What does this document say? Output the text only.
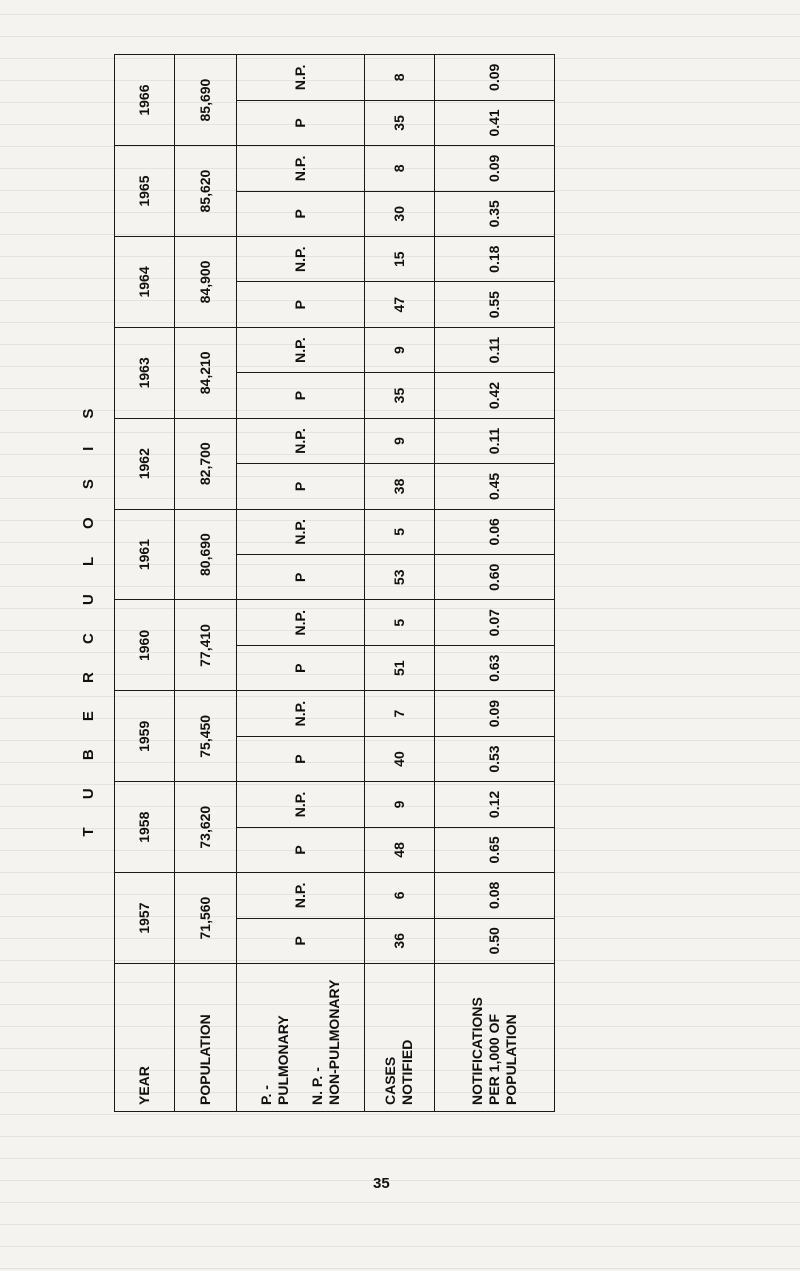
T U B E R C U L O S I S																				
YEAR	1957		1958		1959		1960		1961		1962		1963		1964		1965		1966	
POPULATION	71,560		73,620		75,450		77,410		80,690		82,700		84,210		84,900		85,620		85,690	

P. - PULMONARY
N. P. - NON-PULMONARY	P	N.P.	P	N.P.	P	N.P.	P	N.P.	P	N.P.	P	N.P.	P	N.P.	P	N.P.	P	N.P.	P	N.P.

CASES NOTIFIED	36	6	48	9	40	7	51	5	53	5	38	9	35	9	47	15	30	8	35	8

NOTIFICATIONS PER 1,000 OF POPULATION	0.50	0.08	0.65	0.12	0.53	0.09	0.63	0.07	0.60	0.06	0.45	0.11	0.42	0.11	0.55	0.18	0.35	0.09	0.41	0.09
35
